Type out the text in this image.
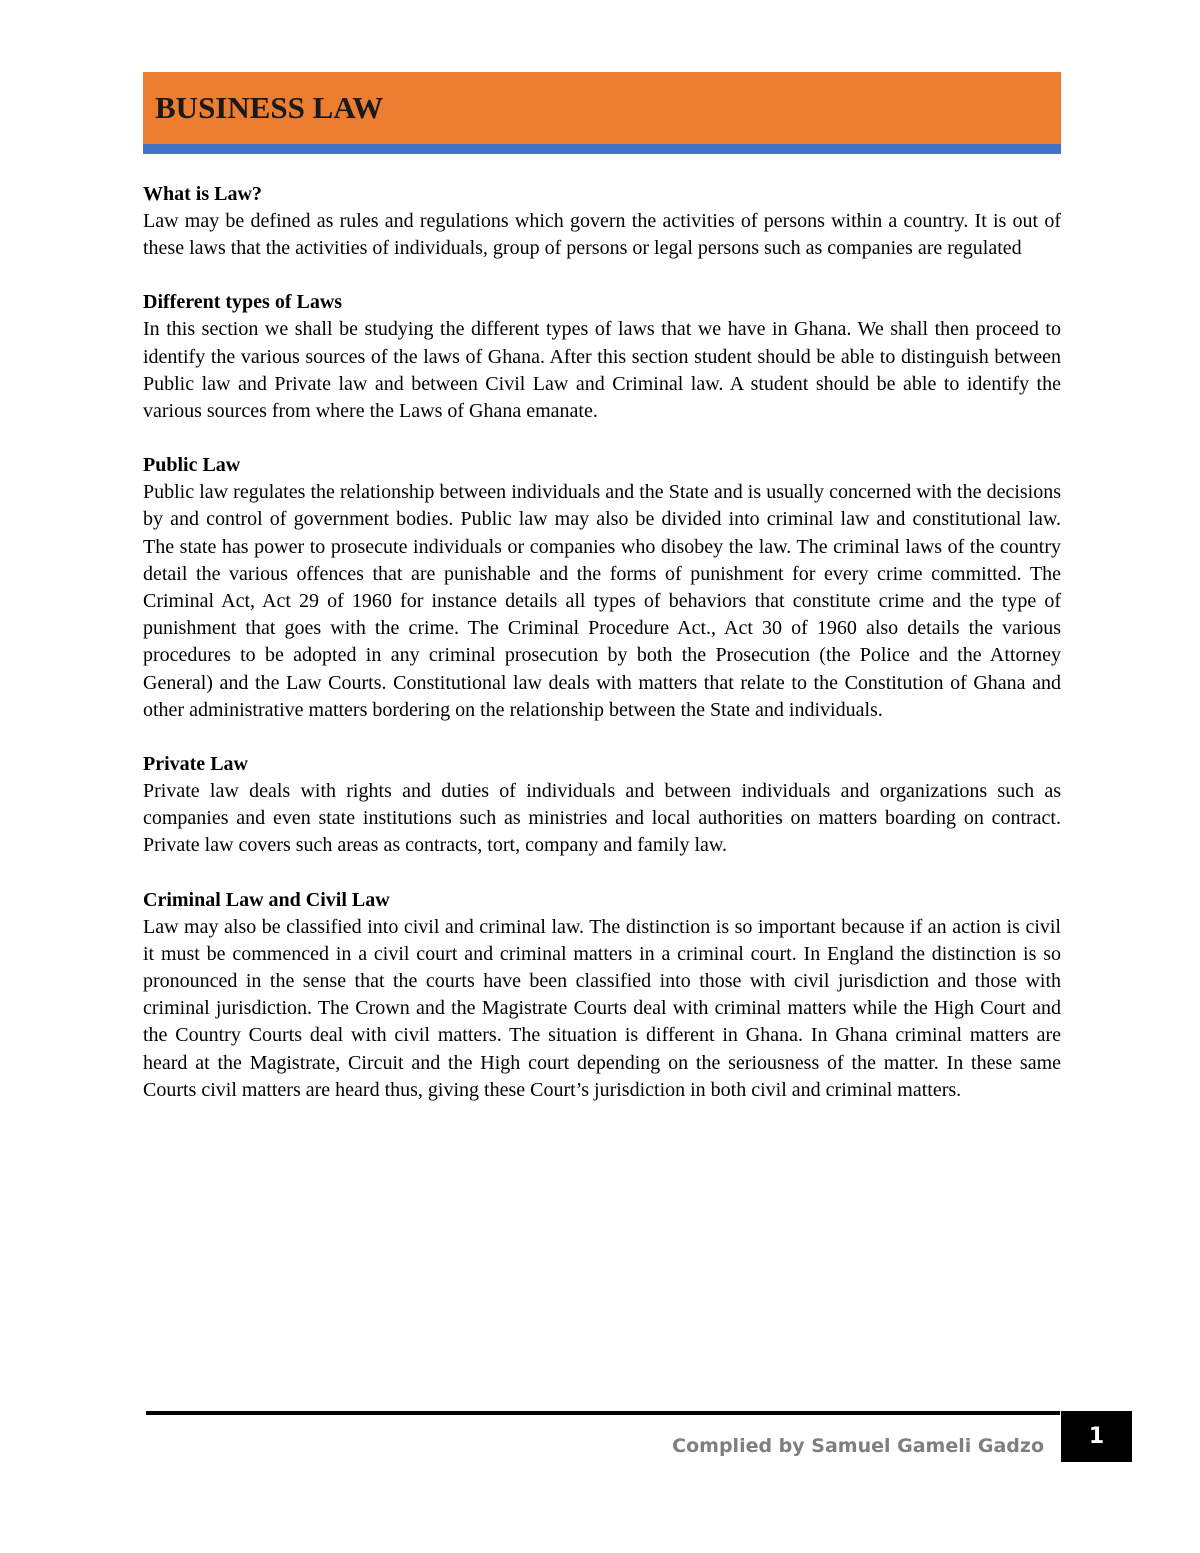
BUSINESS LAW

What is Law?

Law may be defined as rules and regulations which govern the activities of persons within a country. It is out of these laws that the activities of individuals, group of persons or legal persons such as companies are regulated

Different types of Laws

In this section we shall be studying the different types of laws that we have in Ghana. We shall then proceed to identify the various sources of the laws of Ghana. After this section student should be able to distinguish between Public law and Private law and between Civil Law and Criminal law. A student should be able to identify the various sources from where the Laws of Ghana emanate.

Public Law

Public law regulates the relationship between individuals and the State and is usually concerned with the decisions by and control of government bodies. Public law may also be divided into criminal law and constitutional law. The state has power to prosecute individuals or companies who disobey the law. The criminal laws of the country detail the various offences that are punishable and the forms of punishment for every crime committed. The Criminal Act, Act 29 of 1960 for instance details all types of behaviors that constitute crime and the type of punishment that goes with the crime. The Criminal Procedure Act., Act 30 of 1960 also details the various procedures to be adopted in any criminal prosecution by both the Prosecution (the Police and the Attorney General) and the Law Courts. Constitutional law deals with matters that relate to the Constitution of Ghana and other administrative matters bordering on the relationship between the State and individuals.

Private Law

Private law deals with rights and duties of individuals and between individuals and organizations such as companies and even state institutions such as ministries and local authorities on matters boarding on contract. Private law covers such areas as contracts, tort, company and family law.

Criminal Law and Civil Law

Law may also be classified into civil and criminal law. The distinction is so important because if an action is civil it must be commenced in a civil court and criminal matters in a criminal court. In England the distinction is so pronounced in the sense that the courts have been classified into those with civil jurisdiction and those with criminal jurisdiction. The Crown and the Magistrate Courts deal with criminal matters while the High Court and the Country Courts deal with civil matters. The situation is different in Ghana. In Ghana criminal matters are heard at the Magistrate, Circuit and the High court depending on the seriousness of the matter. In these same Courts civil matters are heard thus, giving these Court’s jurisdiction in both civil and criminal matters.

Complied by Samuel Gameli Gadzo	1
